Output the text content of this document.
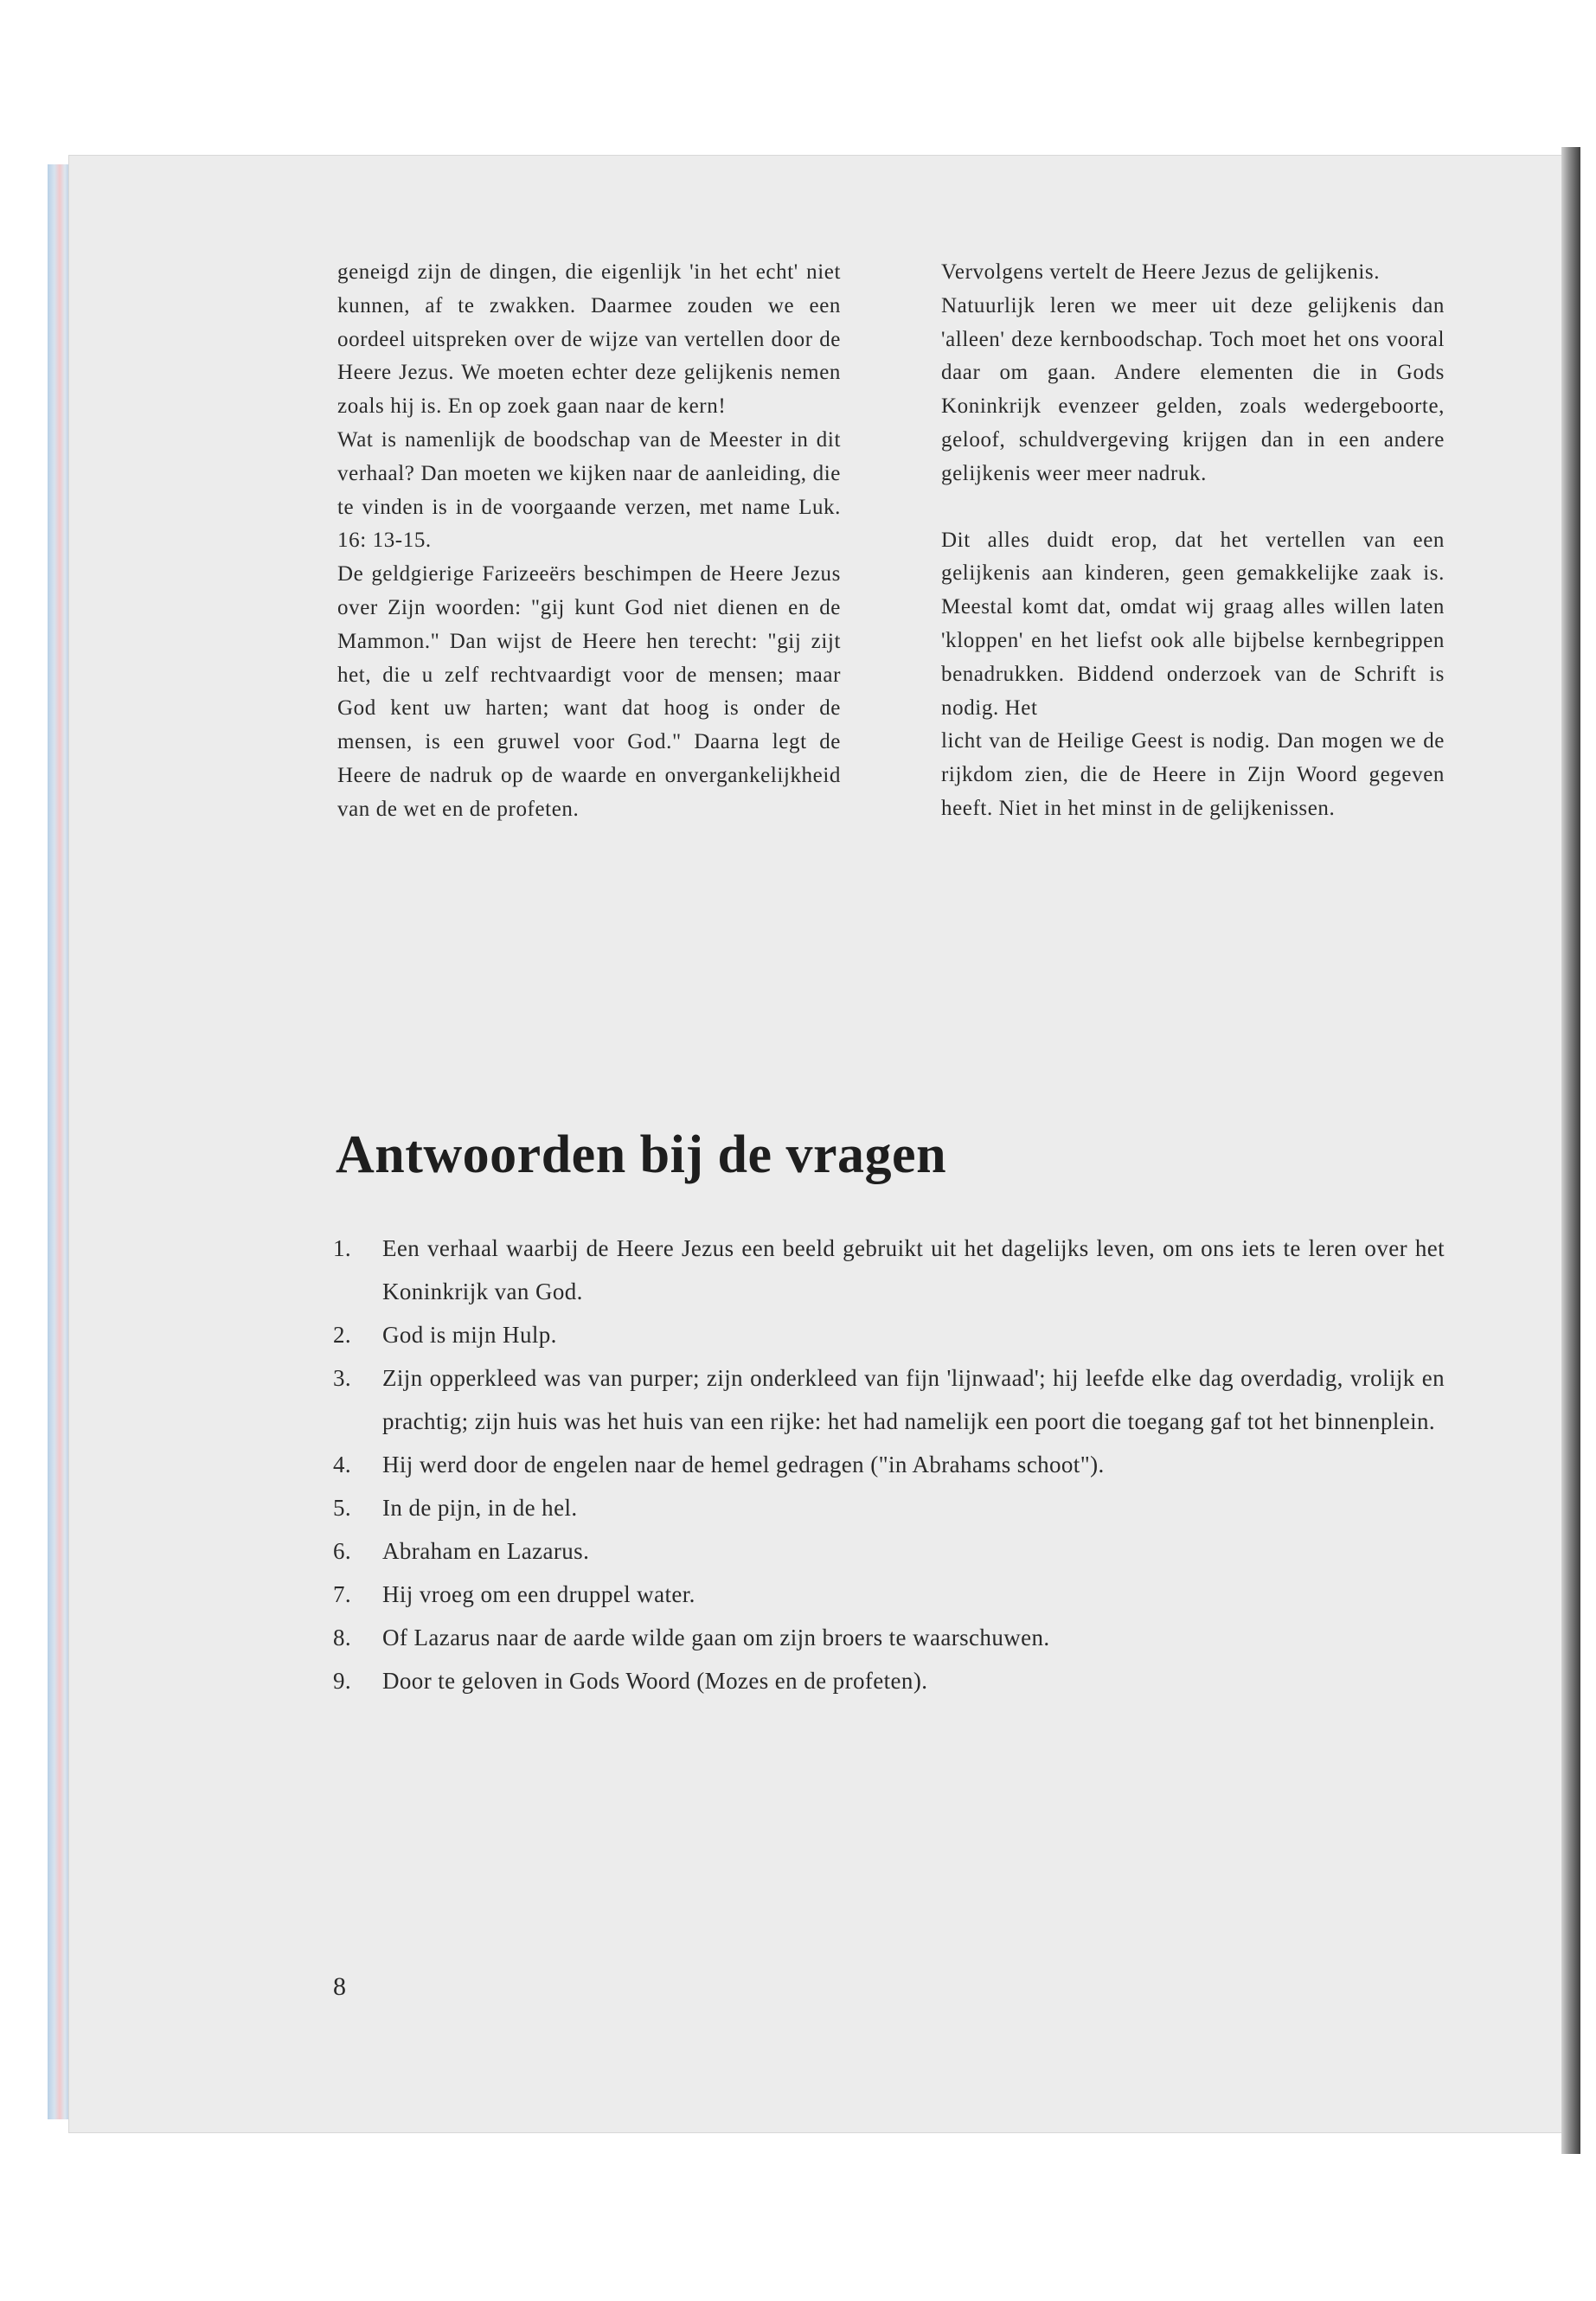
geneigd zijn de dingen, die eigenlijk 'in het echt' niet kunnen, af te zwakken. Daarmee zouden we een oordeel uitspreken over de wijze van vertellen door de Heere Jezus. We moeten echter deze gelijkenis nemen zoals hij is. En op zoek gaan naar de kern!

Wat is namenlijk de boodschap van de Meester in dit verhaal? Dan moeten we kijken naar de aanleiding, die te vinden is in de voorgaande verzen, met name Luk. 16: 13-15.

De geldgierige Farizeeërs beschimpen de Heere Jezus over Zijn woorden: "gij kunt God niet dienen en de Mammon." Dan wijst de Heere hen terecht: "gij zijt het, die u zelf rechtvaardigt voor de mensen; maar God kent uw harten; want dat hoog is onder de mensen, is een gruwel voor God." Daarna legt de Heere de nadruk op de waarde en onvergankelijkheid van de wet en de profeten.

Vervolgens vertelt de Heere Jezus de gelijkenis.

Natuurlijk leren we meer uit deze gelijkenis dan 'alleen' deze kernboodschap. Toch moet het ons vooral daar om gaan. Andere elementen die in Gods Koninkrijk evenzeer gelden, zoals wedergeboorte, geloof, schuldvergeving krijgen dan in een andere gelijkenis weer meer nadruk.

Dit alles duidt erop, dat het vertellen van een gelijkenis aan kinderen, geen gemakkelijke zaak is. Meestal komt dat, omdat wij graag alles willen laten 'kloppen' en het liefst ook alle bijbelse kernbegrippen benadrukken. Biddend onderzoek van de Schrift is nodig. Het

licht van de Heilige Geest is nodig. Dan mogen we de rijkdom zien, die de Heere in Zijn Woord gegeven heeft. Niet in het minst in de gelijkenissen.

Antwoorden bij de vragen
1.	Een verhaal waarbij de Heere Jezus een beeld gebruikt uit het dagelijks leven, om ons iets te leren over het Koninkrijk van God.
2.	God is mijn Hulp.
3.	Zijn opperkleed was van purper; zijn onderkleed van fijn 'lijnwaad'; hij leefde elke dag overdadig, vrolijk en prachtig; zijn huis was het huis van een rijke: het had namelijk een poort die toegang gaf tot het binnenplein.
4.	Hij werd door de engelen naar de hemel gedragen ("in Abrahams schoot").
5.	In de pijn, in de hel.
6.	Abraham en Lazarus.
7.	Hij vroeg om een druppel water.
8.	Of Lazarus naar de aarde wilde gaan om zijn broers te waarschuwen.
9.	Door te geloven in Gods Woord (Mozes en de profeten).
8
